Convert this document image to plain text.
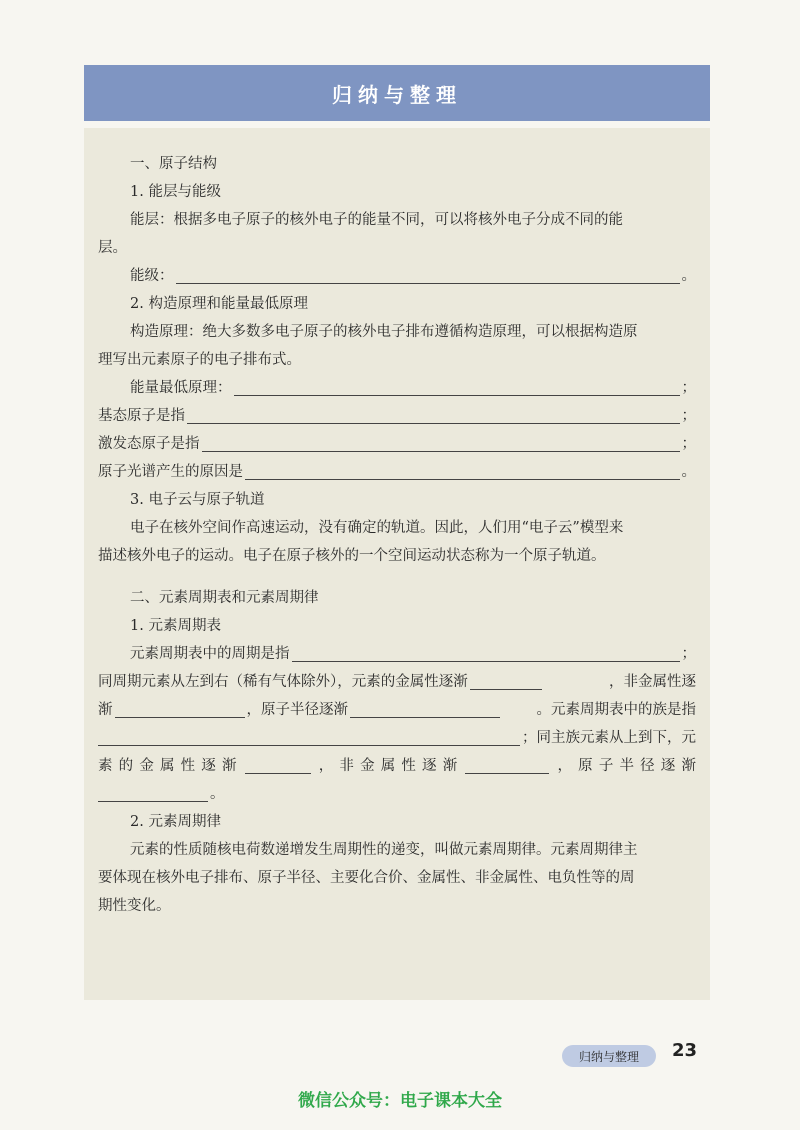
归纳与整理
一、原子结构
1. 能层与能级
能层：根据多电子原子的核外电子的能量不同，可以将核外电子分成不同的能
层。
能级：	。
2. 构造原理和能量最低原理
构造原理：绝大多数多电子原子的核外电子排布遵循构造原理，可以根据构造原
理写出元素原子的电子排布式。
能量最低原理：	；
基态原子是指	；
激发态原子是指	；
原子光谱产生的原因是	。
3. 电子云与原子轨道
电子在核外空间作高速运动，没有确定的轨道。因此，人们用“电子云”模型来
描述核外电子的运动。电子在原子核外的一个空间运动状态称为一个原子轨道。
二、元素周期表和元素周期律
1. 元素周期表
元素周期表中的周期是指	；
同周期元素从左到右（稀有气体除外），元素的金属性逐渐	，非金属性逐
渐	，原子半径逐渐	。元素周期表中的族是指
；同主族元素从上到下，元
素 的 金 属 性 逐 渐	， 非 金 属 性 逐 渐	， 原 子 半 径 逐 渐
。
2. 元素周期律
元素的性质随核电荷数递增发生周期性的递变，叫做元素周期律。元素周期律主
要体现在核外电子排布、原子半径、主要化合价、金属性、非金属性、电负性等的周
期性变化。
归纳与整理 23
微信公众号：电子课本大全
